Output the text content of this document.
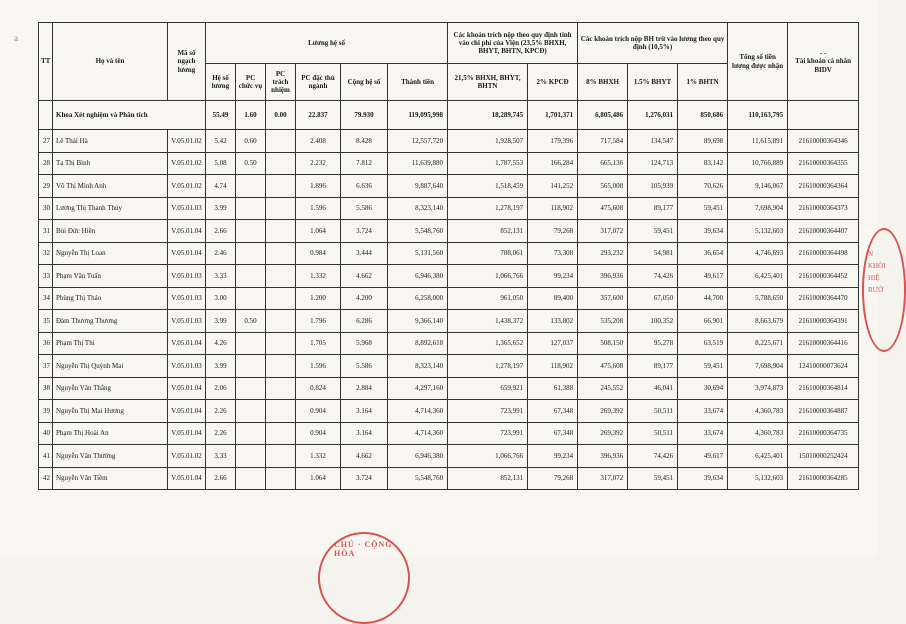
a
TT	Họ và tên	Mã số ngạch lương	Lương hệ số						Các khoản trích nộp theo quy định tính vào chi phí của Viện (23,5% BHXH, BHYT, BHTN, KPCĐ)		Các khoản trích nộp BH trừ vào lương theo quy định (10,5%)			Tổng số tiền lương được nhận	- -
Tài khoản cá nhân BIDV

			Hệ số lương	PC chức vụ	PC trách nhiệm	PC đặc thù ngành	Cộng hệ số	Thành tiền	21,5% BHXH, BHYT, BHTN	2% KPCĐ	8% BHXH	1.5% BHYT	1% BHTN		
	Khoa Xét nghiệm và Phân tích		55.49	1.60	0.00	22.837	79.930	119,095,998	18,289,745	1,701,371	6,805,486	1,276,031	850,686	110,163,795	
27	Lê Thái Hà	V.05.01.02	5.42	0.60		2.408	8.428	12,557,720	1,928,507	179,396	717,584	134,547	89,698	11,615,891	21610000364346
28	Tạ Thị Bình	V.05.01.02	5.08	0.50		2.232	7.812	11,639,880	1,787,553	166,284	665,136	124,713	83,142	10,766,889	21610000364355
29	Võ Thị Minh Anh	V.05.01.02	4.74			1.896	6.636	9,887,640	1,518,459	141,252	565,008	105,939	70,626	9,146,067	21610000364364
30	Lương Thị Thanh Thủy	V.05.01.03	3.99			1.596	5.586	8,323,140	1,278,197	118,902	475,608	89,177	59,451	7,698,904	21610000364373
31	Bùi Đức Hiền	V.05.01.04	2.66			1.064	3.724	5,548,760	852,131	79,268	317,072	59,451	39,634	5,132,603	21610000364407
32	Nguyễn Thị Loan	V.05.01.04	2.46			0.984	3.444	5,131,560	788,061	73,308	293,232	54,981	36,654	4,746,693	21610000364498
33	Phạm Văn Tuấn	V.05.01.03	3.33			1.332	4.662	6,946,380	1,066,766	99,234	396,936	74,426	49,617	6,425,401	21610000364452
34	Phùng Thị Thảo	V.05.01.03	3.00			1.200	4.200	6,258,000	961,050	89,400	357,600	67,050	44,700	5,788,650	21610000364470
35	Đàm Thương Thương	V.05.01.03	3.99	0.50		1.796	6.286	9,366,140	1,438,372	133,802	535,208	100,352	66,901	8,663,679	21610000364391
36	Phạm Thị Thi	V.05.01.04	4.26			1.705	5.968	8,892,618	1,365,652	127,037	508,150	95,278	63,519	8,225,671	21610000364416
37	Nguyễn Thị Quỳnh Mai	V.05.01.03	3.99			1.596	5.586	8,323,140	1,278,197	118,902	475,608	89,177	59,451	7,698,904	12410000073624
38	Nguyễn Văn Thắng	V.05.01.04	2.06			0.824	2.884	4,297,160	659,921	61,388	245,552	46,041	30,694	3,974,873	21610000364814
39	Nguyễn Thị Mai Hương	V.05.01.04	2.26			0.904	3.164	4,714,360	723,991	67,348	269,392	50,511	33,674	4,360,783	21610000364887
40	Phạm Thị Hoài An	V.05.01.04	2.26			0.904	3.164	4,714,360	723,991	67,348	269,392	50,511	33,674	4,360,783	21610000364735
41	Nguyễn Văn Thường	V.05.01.02	3.33			1.332	4.662	6,946,380	1,066,766	99,234	396,936	74,426	49,617	6,425,401	15010000252424
42	Nguyễn Văn Tiềm	V.05.01.04	2.66			1.064	3.724	5,548,760	852,131	79,268	317,072	59,451	39,634	5,132,603	21610000364285
CHỦ · CỘNG HÒA
N
KHỎI
HIỆ
RƯỜ
